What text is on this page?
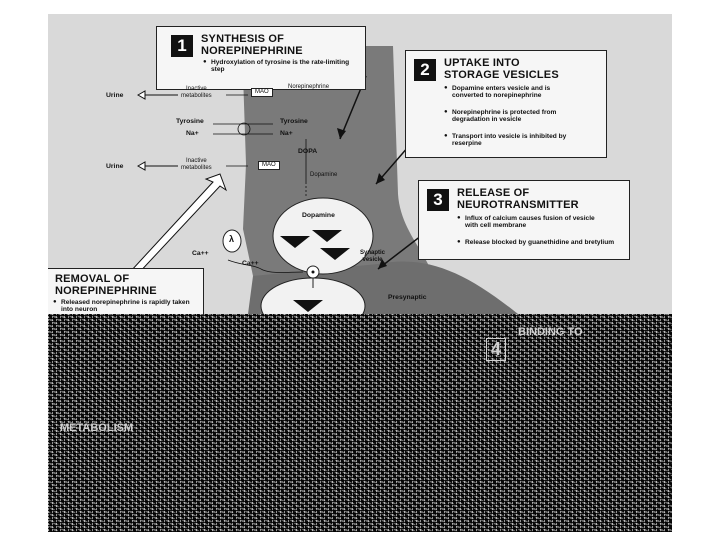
1	SYNTHESIS OF
NOREPINEPHRINE
● Hydroxylation of tyrosine is the rate-limiting step	2	UPTAKE INTO
STORAGE VESICLES
● Dopamine enters vesicle and is converted to norepinephrine
● Norepinephrine is protected from degradation in vesicle
● Transport into vesicle is inhibited by reserpine
3	RELEASE OF
NEUROTRANSMITTER
● Influx of calcium causes fusion of vesicle with cell membrane
● Release blocked by guanethidine and bretylium
REMOVAL OF
NOREPINEPHRINE
● Released norepinephrine is rapidly taken into neuron
Urine
Urine
Inactive
metabolites
Inactive
metabolites
MAO
MAO
Norepinephrine
Tyrosine
Na+
Tyrosine
Na+
DOPA
Dopamine
Dopamine
Ca++
Ca++
λ
Synaptic
vesicle
Presynaptic
BINDING TO
4
METABOLISM
